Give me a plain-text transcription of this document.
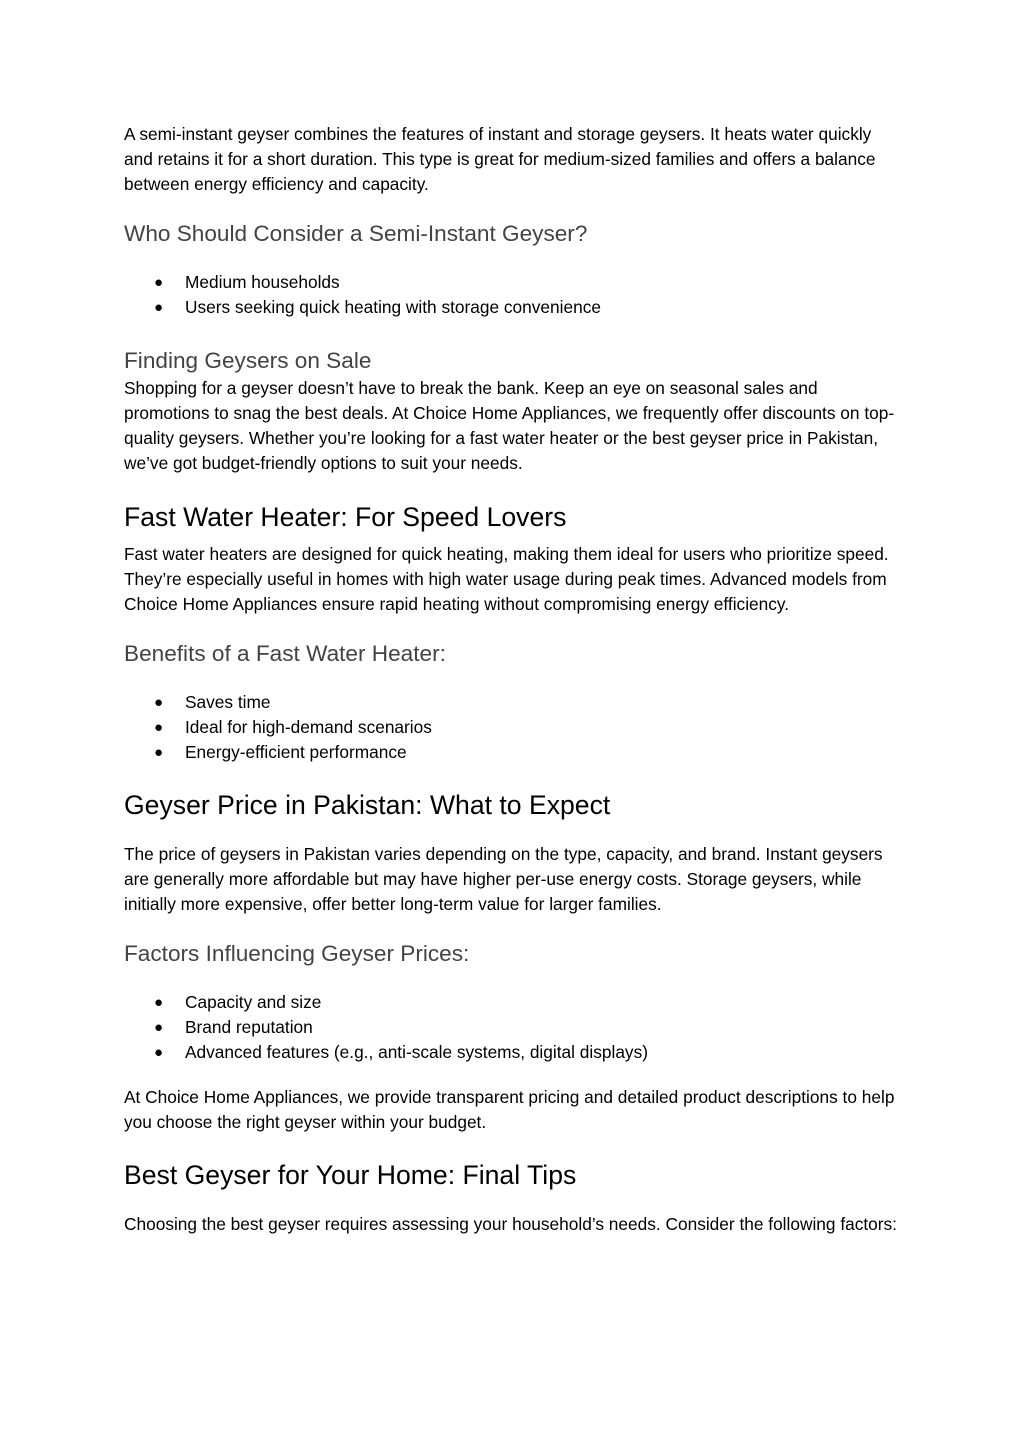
A semi-instant geyser combines the features of instant and storage geysers. It heats water quickly and retains it for a short duration. This type is great for medium-sized families and offers a balance between energy efficiency and capacity.

Who Should Consider a Semi-Instant Geyser?
● Medium households
● Users seeking quick heating with storage convenience
Finding Geysers on Sale

Shopping for a geyser doesn’t have to break the bank. Keep an eye on seasonal sales and promotions to snag the best deals. At Choice Home Appliances, we frequently offer discounts on top-quality geysers. Whether you’re looking for a fast water heater or the best geyser price in Pakistan, we’ve got budget-friendly options to suit your needs.

Fast Water Heater: For Speed Lovers

Fast water heaters are designed for quick heating, making them ideal for users who prioritize speed. They’re especially useful in homes with high water usage during peak times. Advanced models from Choice Home Appliances ensure rapid heating without compromising energy efficiency.

Benefits of a Fast Water Heater:
● Saves time
● Ideal for high-demand scenarios
● Energy-efficient performance
Geyser Price in Pakistan: What to Expect

The price of geysers in Pakistan varies depending on the type, capacity, and brand. Instant geysers are generally more affordable but may have higher per-use energy costs. Storage geysers, while initially more expensive, offer better long-term value for larger families.

Factors Influencing Geyser Prices:
● Capacity and size
● Brand reputation
● Advanced features (e.g., anti-scale systems, digital displays)

At Choice Home Appliances, we provide transparent pricing and detailed product descriptions to help you choose the right geyser within your budget.

Best Geyser for Your Home: Final Tips

Choosing the best geyser requires assessing your household’s needs. Consider the following factors:
